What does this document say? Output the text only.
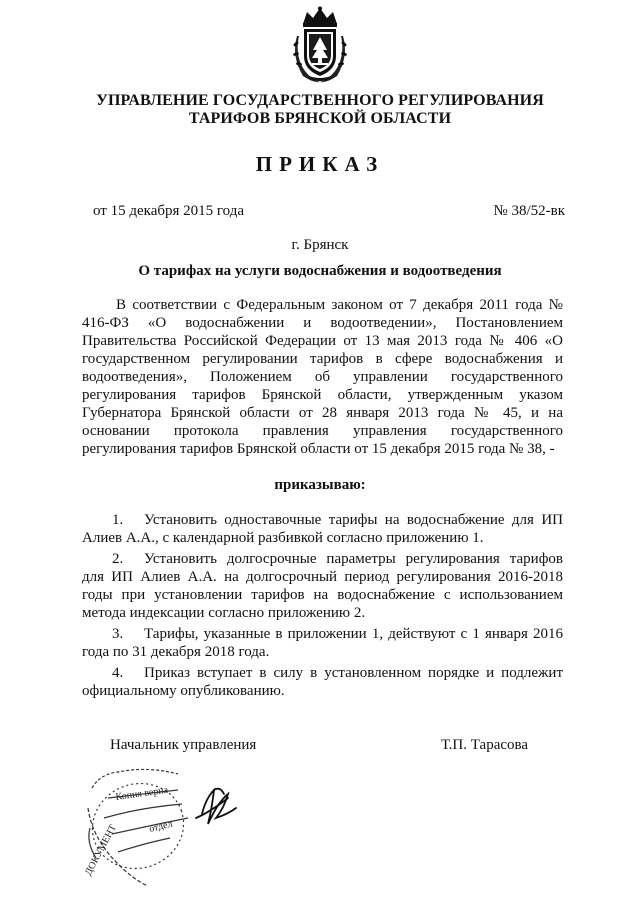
УПРАВЛЕНИЕ ГОСУДАРСТВЕННОГО РЕГУЛИРОВАНИЯ
ТАРИФОВ БРЯНСКОЙ ОБЛАСТИ
ПРИКАЗ
от 15 декабря 2015 года	№ 38/52-вк
г. Брянск
О тарифах на услуги водоснабжения и водоотведения
В соответствии с Федеральным законом от 7 декабря 2011 года № 416-ФЗ «О водоснабжении и водоотведении», Постановлением Правительства Российской Федерации от 13 мая 2013 года № 406 «О государственном регулировании тарифов в сфере водоснабжения и водоотведения», Положением об управлении государственного регулирования тарифов Брянской области, утвержденным указом Губернатора Брянской области от 28 января 2013 года № 45, и на основании протокола правления управления государственного регулирования тарифов Брянской области от 15 декабря 2015 года № 38, -
приказываю:
1. Установить одноставочные тарифы на водоснабжение для ИП Алиев А.А., с календарной разбивкой согласно приложению 1.
2. Установить долгосрочные параметры регулирования тарифов для ИП Алиев А.А. на долгосрочный период регулирования 2016-2018 годы при установлении тарифов на водоснабжение с использованием метода индексации согласно приложению 2.
3. Тарифы, указанные в приложении 1, действуют с 1 января 2016 года по 31 декабря 2018 года.
4. Приказ вступает в силу в установленном порядке и подлежит официальному опубликованию.
Начальник управления	Т.П. Тарасова
Копия верна
ДОКУМЕНТ	отдел
